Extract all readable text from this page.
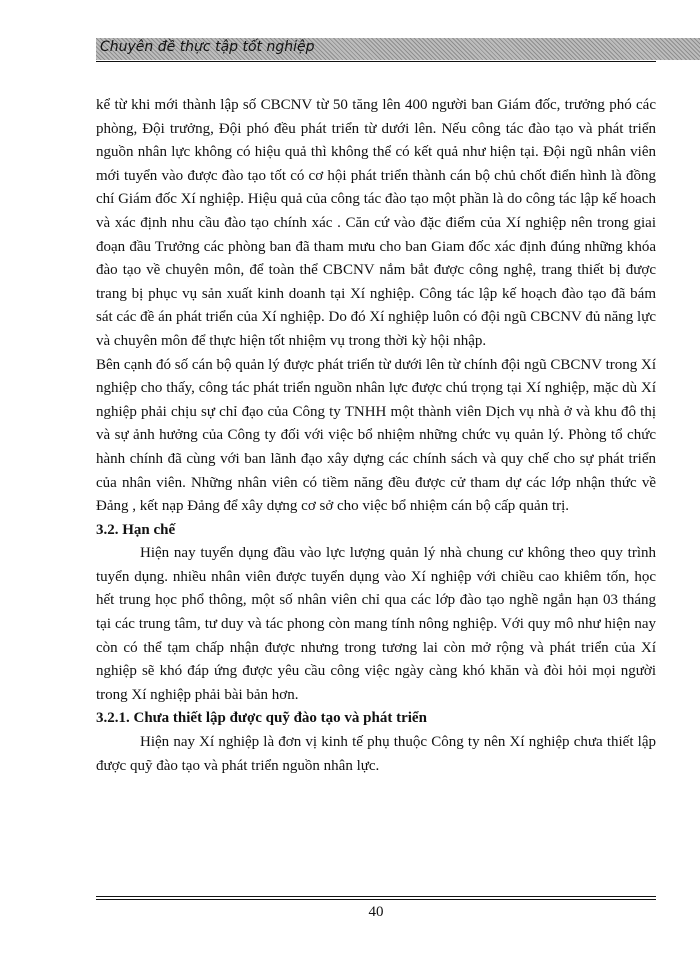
Chuyên đề thực tập tốt nghiệp

kể từ khi mới thành lập số CBCNV từ 50 tăng lên 400 người ban Giám đốc, trưởng phó các phòng, Đội trưởng, Đội phó đều phát triển từ dưới lên. Nếu công tác đào tạo và phát triển nguồn nhân lực không có hiệu quả thì không thể có kết quả như hiện tại. Đội ngũ nhân viên mới tuyển vào được đào tạo tốt có cơ hội phát triển thành cán bộ chủ chốt điển hình là đồng chí Giám đốc Xí nghiệp. Hiệu quả của công tác đào tạo một phần là do công tác lập kế hoach và xác định nhu cầu đào tạo chính xác . Căn cứ vào đặc điểm của Xí nghiệp nên trong giai đoạn đầu Trưởng các phòng ban đã tham mưu cho ban Giam đốc xác định đúng những khóa đào tạo về chuyên môn, để toàn thể CBCNV nắm bắt được công nghệ, trang thiết bị được trang bị phục vụ sản xuất kinh doanh tại Xí nghiệp. Công tác lập kế hoạch đào tạo đã bám sát các đề án phát triển của Xí nghiệp. Do đó Xí nghiệp luôn có đội ngũ CBCNV đủ năng lực và chuyên môn để thực hiện tốt nhiệm vụ trong thời kỳ hội nhập.

Bên cạnh đó số cán bộ quản lý được phát triển từ dưới lên từ chính đội ngũ CBCNV trong Xí nghiệp cho thấy, công tác phát triển nguồn nhân lực được chú trọng tại Xí nghiệp, mặc dù Xí nghiệp phải chịu sự chỉ đạo của Công ty TNHH một thành viên Dịch vụ nhà ở và khu đô thị và sự ảnh hưởng của Công ty đối với việc bổ nhiệm những chức vụ quản lý. Phòng tổ chức hành chính đã cùng với ban lãnh đạo xây dựng các chính sách và quy chế cho sự phát triển của nhân viên. Những nhân viên có tiềm năng đều được cử tham dự các lớp nhận thức về Đảng , kết nạp Đảng để xây dựng cơ sở cho việc bổ nhiệm cán bộ cấp quản trị.

3.2. Hạn chế

Hiện nay tuyển dụng đầu vào lực lượng quản lý nhà chung cư không theo quy trình tuyển dụng. nhiều nhân viên được tuyển dụng vào Xí nghiệp với chiều cao khiêm tốn, học hết trung học phổ thông, một số nhân viên chỉ qua các lớp đào tạo nghề ngắn hạn 03 tháng tại các trung tâm, tư duy và tác phong còn mang tính nông nghiệp. Với quy mô như hiện nay còn có thể tạm chấp nhận được nhưng trong tương lai còn mở rộng và phát triển của Xí nghiệp sẽ khó đáp ứng được yêu cầu công việc ngày càng khó khăn và đòi hỏi mọi người trong Xí nghiệp phải bài bản hơn.

3.2.1. Chưa thiết lập được quỹ đào tạo và phát triển

Hiện nay Xí nghiệp là đơn vị kinh tế phụ thuộc Công ty nên Xí nghiệp chưa thiết lập được quỹ đào tạo và phát triển nguồn nhân lực.

40
